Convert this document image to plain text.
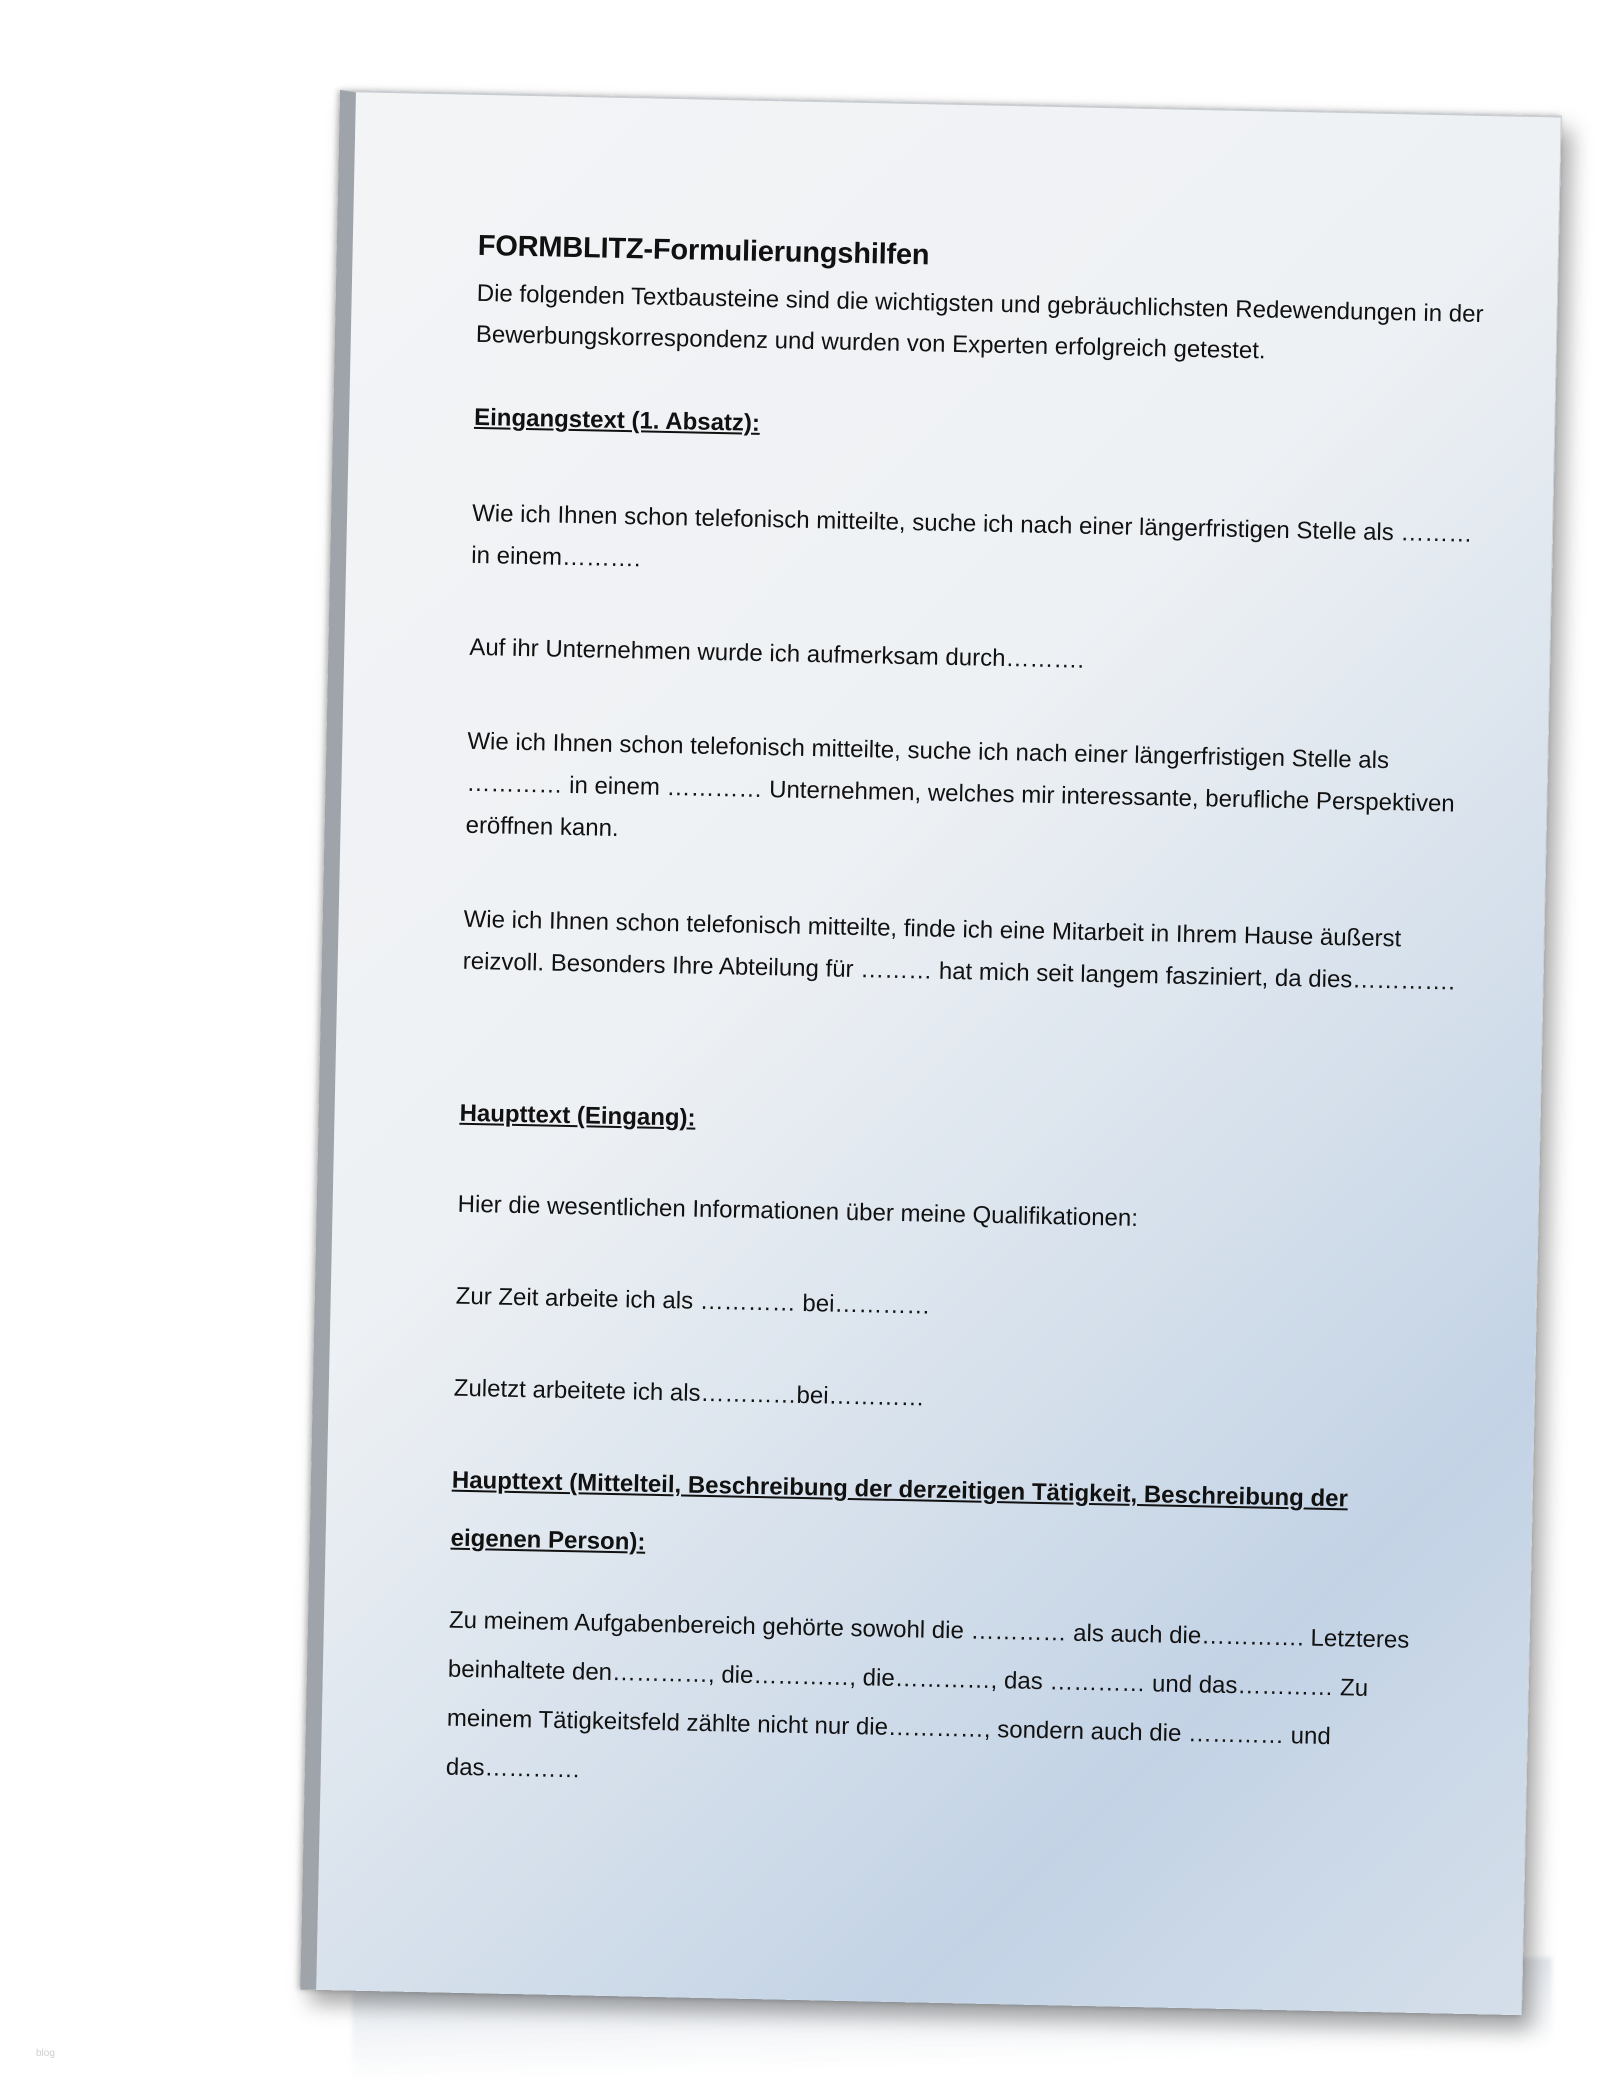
FORMBLITZ-Formulierungshilfen

Die folgenden Textbausteine sind die wichtigsten und gebräuchlichsten Redewendungen in der Bewerbungskorrespondenz und wurden von Experten erfolgreich getestet.

Eingangstext (1. Absatz):

Wie ich Ihnen schon telefonisch mitteilte, suche ich nach einer längerfristigen Stelle als ……… in einem……….

Auf ihr Unternehmen wurde ich aufmerksam durch……….

Wie ich Ihnen schon telefonisch mitteilte, suche ich nach einer längerfristigen Stelle als ………… in einem ………… Unternehmen, welches mir interessante, berufliche Perspektiven eröffnen kann.

Wie ich Ihnen schon telefonisch mitteilte, finde ich eine Mitarbeit in Ihrem Hause äußerst reizvoll. Besonders Ihre Abteilung für ……… hat mich seit langem fasziniert, da dies………….

Haupttext (Eingang):

Hier die wesentlichen Informationen über meine Qualifikationen:

Zur Zeit arbeite ich als ………… bei…………

Zuletzt arbeitete ich als…………bei…………

Haupttext (Mittelteil, Beschreibung der derzeitigen Tätigkeit, Beschreibung der eigenen Person):

Zu meinem Aufgabenbereich gehörte sowohl die ………… als auch die…………. Letzteres beinhaltete den…………, die…………, die…………, das ………… und das………… Zu meinem Tätigkeitsfeld zählte nicht nur die…………, sondern auch die ………… und das…………

blog
